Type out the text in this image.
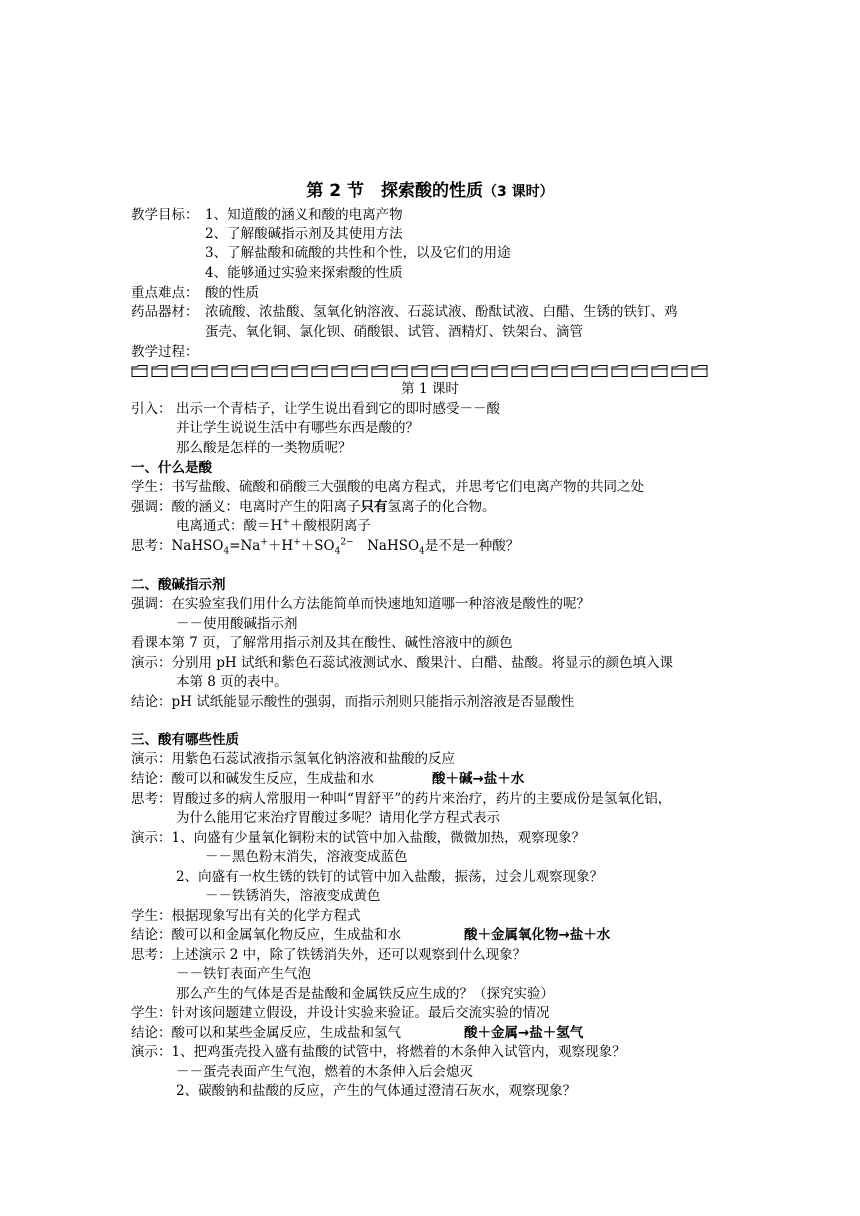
第 2 节　探索酸的性质（3 课时）
教学目标： 1、知道酸的涵义和酸的电离产物
2、了解酸碱指示剂及其使用方法
3、了解盐酸和硫酸的共性和个性，以及它们的用途
4、能够通过实验来探索酸的性质
重点难点： 酸的性质
药品器材： 浓硫酸、浓盐酸、氢氧化钠溶液、石蕊试液、酚酞试液、白醋、生锈的铁钉、鸡
蛋壳、氧化铜、氯化钡、硝酸银、试管、酒精灯、铁架台、滴管
教学过程：
第 1 课时
引入： 出示一个青桔子，让学生说出看到它的即时感受－－酸
并让学生说说生活中有哪些东西是酸的？
那么酸是怎样的一类物质呢？
一、什么是酸
学生：书写盐酸、硫酸和硝酸三大强酸的电离方程式，并思考它们电离产物的共同之处
强调：酸的涵义：电离时产生的阳离子只有氢离子的化合物。
电离通式：酸＝H+＋酸根阴离子
思考：$NaHSO_4=Na^++H^++SO_4^{2-}$　NaHSO$_4$是不是一种酸？
二、酸碱指示剂
强调：在实验室我们用什么方法能简单而快速地知道哪一种溶液是酸性的呢？
－－使用酸碱指示剂
看课本第 7 页，了解常用指示剂及其在酸性、碱性溶液中的颜色
演示：分别用 pH 试纸和紫色石蕊试液测试水、酸果汁、白醋、盐酸。将显示的颜色填入课
本第 8 页的表中。
结论：pH 试纸能显示酸性的强弱，而指示剂则只能指示剂溶液是否显酸性
三、酸有哪些性质
演示：用紫色石蕊试液指示氢氧化钠溶液和盐酸的反应
结论：酸可以和碱发生反应，生成盐和水	酸＋碱→盐＋水
思考：胃酸过多的病人常服用一种叫“胃舒平”的药片来治疗，药片的主要成份是氢氧化铝，
为什么能用它来治疗胃酸过多呢？请用化学方程式表示
演示：1、向盛有少量氧化铜粉末的试管中加入盐酸，微微加热，观察现象？
－－黑色粉末消失，溶液变成蓝色
2、向盛有一枚生锈的铁钉的试管中加入盐酸，振荡，过会儿观察现象？
－－铁锈消失，溶液变成黄色
学生：根据现象写出有关的化学方程式
结论：酸可以和金属氧化物反应，生成盐和水	酸＋金属氧化物→盐＋水
思考：上述演示 2 中，除了铁锈消失外，还可以观察到什么现象？
－－铁钉表面产生气泡
那么产生的气体是否是盐酸和金属铁反应生成的？（探究实验）
学生：针对该问题建立假设，并设计实验来验证。最后交流实验的情况
结论：酸可以和某些金属反应，生成盐和氢气	酸＋金属→盐＋氢气
演示：1、把鸡蛋壳投入盛有盐酸的试管中，将燃着的木条伸入试管内，观察现象？
－－蛋壳表面产生气泡，燃着的木条伸入后会熄灭
2、碳酸钠和盐酸的反应，产生的气体通过澄清石灰水，观察现象？
